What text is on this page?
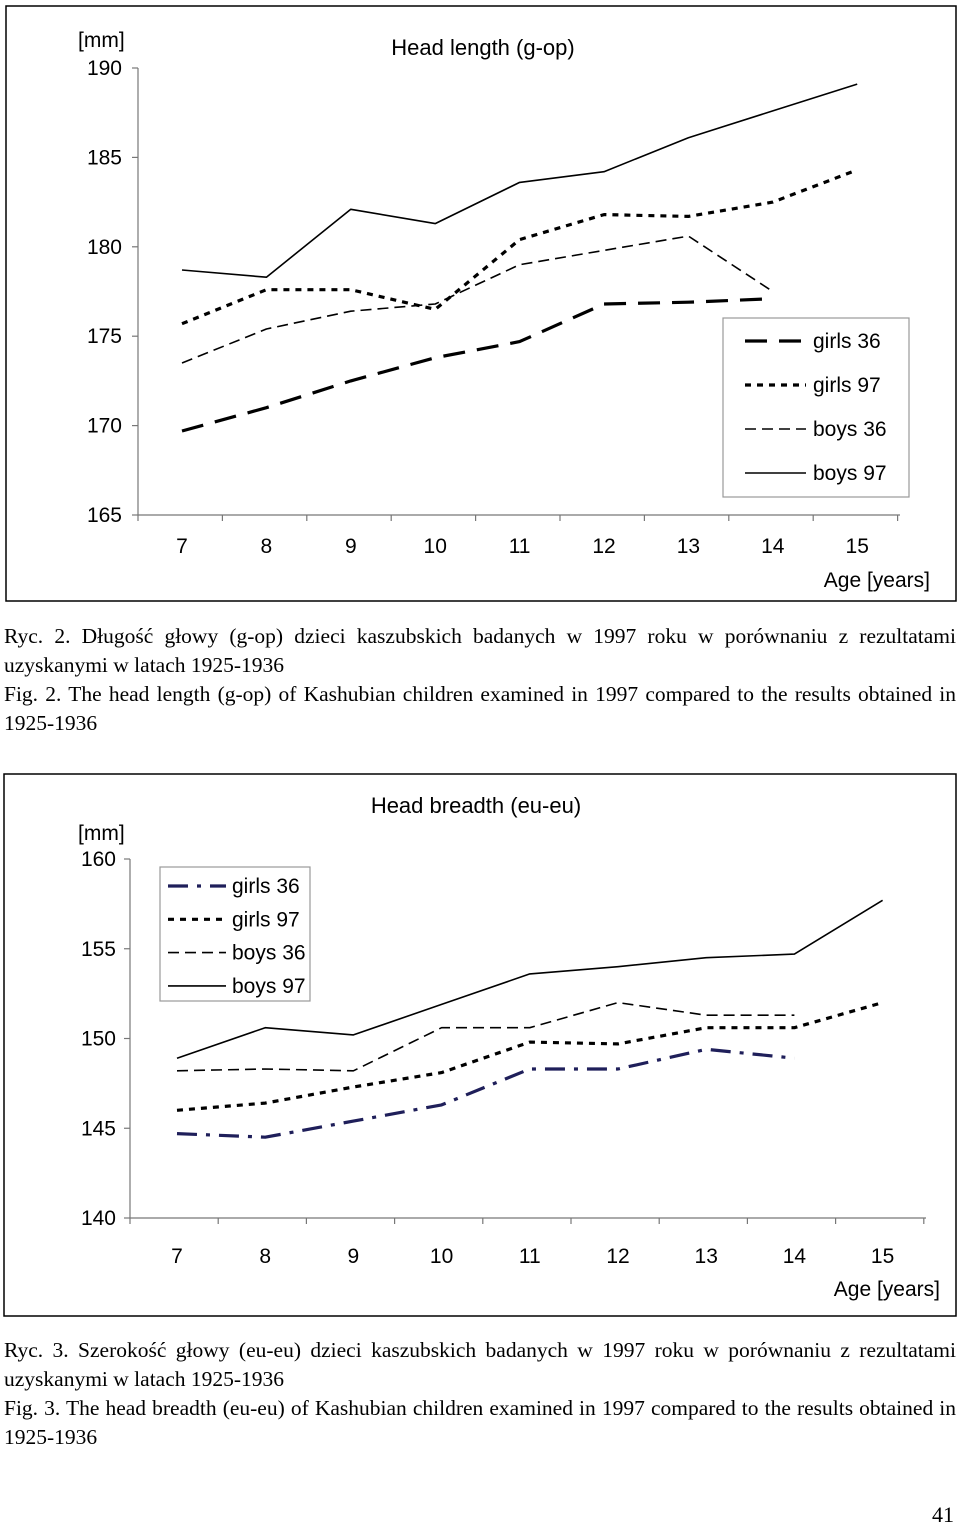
Head length (g-op)
[mm]
Age [years]
165
170
175
180
185
190
7	8	9	10	11	12	13	14	15
girls 36
girls 97
boys 36
boys 97

Ryc. 2. Długość głowy (g-op) dzieci kaszubskich badanych w 1997 roku w porównaniu z rezultatami uzyskanymi w latach 1925-1936

Fig. 2. The head length (g-op) of Kashubian children examined in 1997 compared to the results obtained in 1925-1936

Head breadth (eu-eu)
[mm]
Age [years]
140
145
150
155
160
7	8	9	10	11	12	13	14	15
girls 36
girls 97
boys 36
boys 97

Ryc. 3. Szerokość głowy (eu-eu) dzieci kaszubskich badanych w 1997 roku w porównaniu z rezultatami uzyskanymi w latach 1925-1936

Fig. 3. The head breadth (eu-eu) of Kashubian children examined in 1997 compared to the results obtained in 1925-1936

41
